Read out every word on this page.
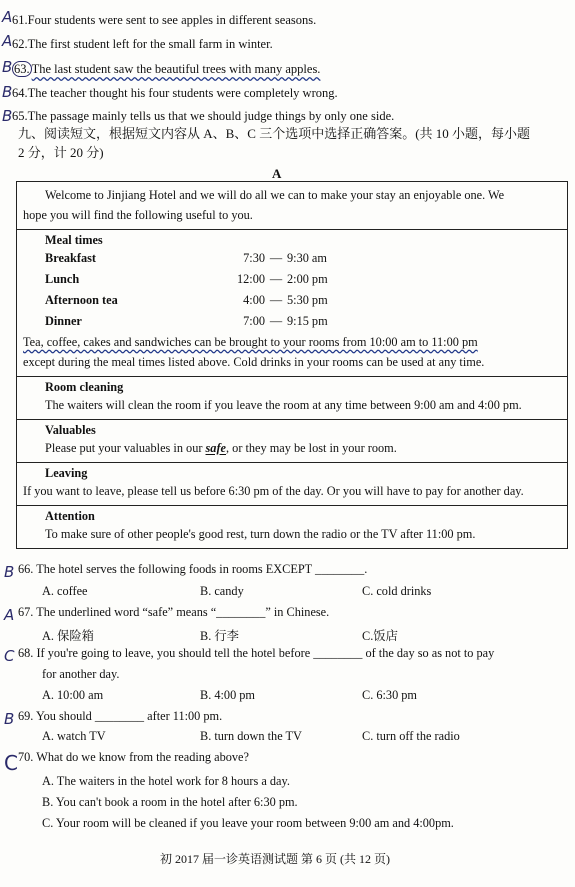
A 61.Four students were sent to see apples in different seasons.
A 62.The first student left for the small farm in winter.
B 63. The last student saw the beautiful trees with many apples.
B 64.The teacher thought his four students were completely wrong.
B 65.The passage mainly tells us that we should judge things by only one side.
九、阅读短文，根据短文内容从 A、B、C 三个选项中选择正确答案。(共 10 小题，每小题
2 分，计 20 分)
A
Welcome to Jinjiang Hotel and we will do all we can to make your stay an enjoyable one. We
hope you will find the following useful to you.
Meal times
Breakfast	7:30 — 9:30 am
Lunch	12:00 — 2:00 pm
Afternoon tea	4:00 — 5:30 pm
Dinner	7:00 — 9:15 pm
Tea, coffee, cakes and sandwiches can be brought to your rooms from 10:00 am to 11:00 pm
except during the meal times listed above. Cold drinks in your rooms can be used at any time.
Room cleaning
The waiters will clean the room if you leave the room at any time between 9:00 am and 4:00 pm.
Valuables
Please put your valuables in our safe, or they may be lost in your room.
Leaving
If you want to leave, please tell us before 6:30 pm of the day. Or you will have to pay for another day.
Attention
To make sure of other people's good rest, turn down the radio or the TV after 11:00 pm.
B 66. The hotel serves the following foods in rooms EXCEPT ________.
A. coffee	B. candy	C. cold drinks
A 67. The underlined word “safe” means “________” in Chinese.
A. 保险箱	B. 行李	C.饭店
C 68. If you're going to leave, you should tell the hotel before ________ of the day so as not to pay
for another day.
A. 10:00 am	B. 4:00 pm	C. 6:30 pm
B 69. You should ________ after 11:00 pm.
A. watch TV	B. turn down the TV	C. turn off the radio
C 70. What do we know from the reading above?
A. The waiters in the hotel work for 8 hours a day.
B. You can't book a room in the hotel after 6:30 pm.
C. Your room will be cleaned if you leave your room between 9:00 am and 4:00pm.
初 2017 届一诊英语测试题 第 6 页 (共 12 页)
